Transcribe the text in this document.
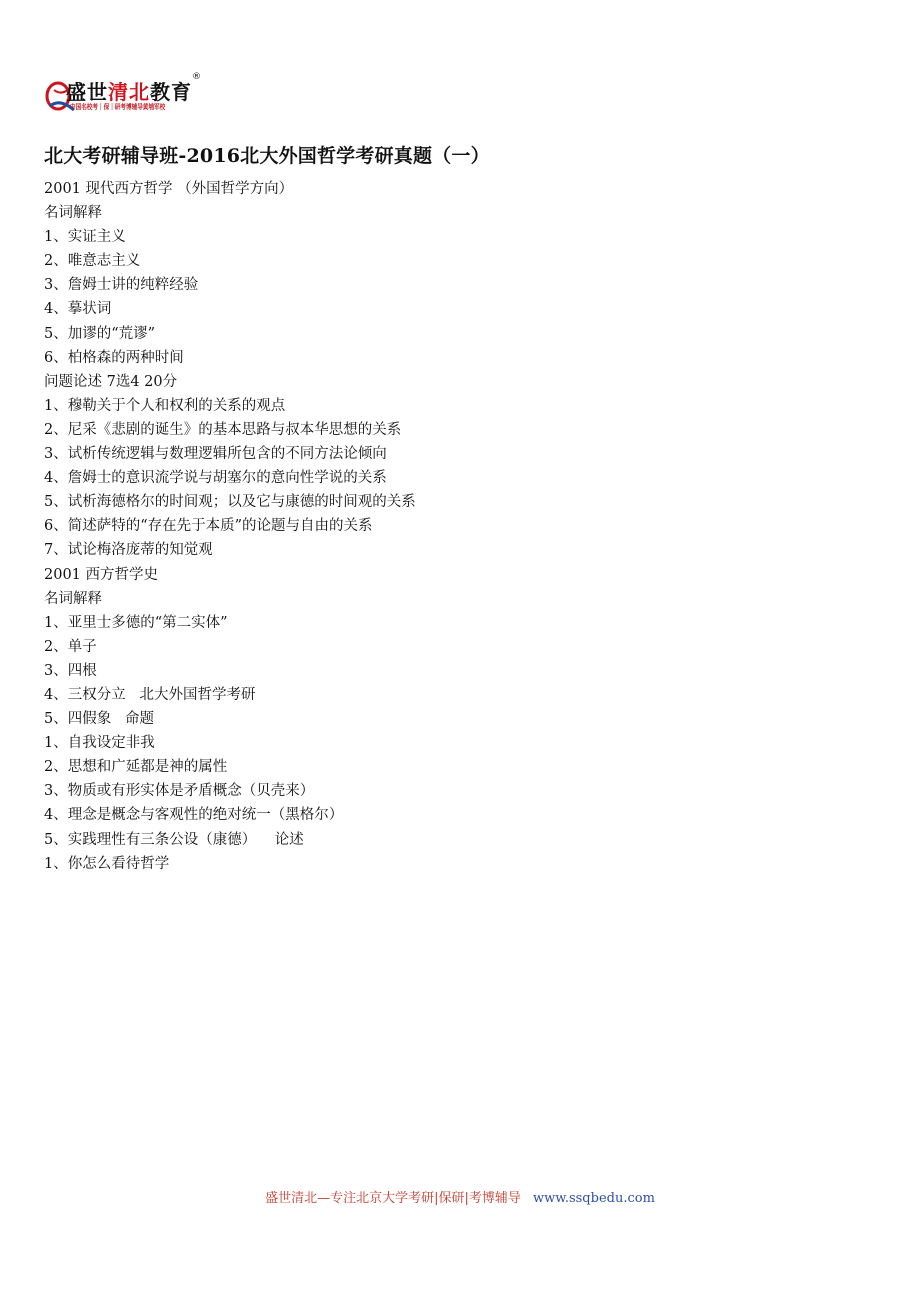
盛世清北教育
®
中国名校考｜保｜研考博辅导黄埔军校
北大考研辅导班-2016北大外国哲学考研真题（一）
2001 现代西方哲学 （外国哲学方向）
名词解释
1、实证主义
2、唯意志主义
3、詹姆士讲的纯粹经验
4、摹状词
5、加谬的“荒谬”
6、柏格森的两种时间
问题论述 7选4 20分
1、穆勒关于个人和权利的关系的观点
2、尼采《悲剧的诞生》的基本思路与叔本华思想的关系
3、试析传统逻辑与数理逻辑所包含的不同方法论倾向
4、詹姆士的意识流学说与胡塞尔的意向性学说的关系
5、试析海德格尔的时间观；以及它与康德的时间观的关系
6、简述萨特的“存在先于本质”的论题与自由的关系
7、试论梅洛庞蒂的知觉观
2001 西方哲学史
名词解释
1、亚里士多德的“第二实体”
2、单子
3、四根
4、三权分立   北大外国哲学考研
5、四假象   命题
1、自我设定非我
2、思想和广延都是神的属性
3、物质或有形实体是矛盾概念（贝壳来）
4、理念是概念与客观性的绝对统一（黑格尔）
5、实践理性有三条公设（康德）    论述
1、你怎么看待哲学
盛世清北—专注北京大学考研|保研|考博辅导 www.ssqbedu.com
